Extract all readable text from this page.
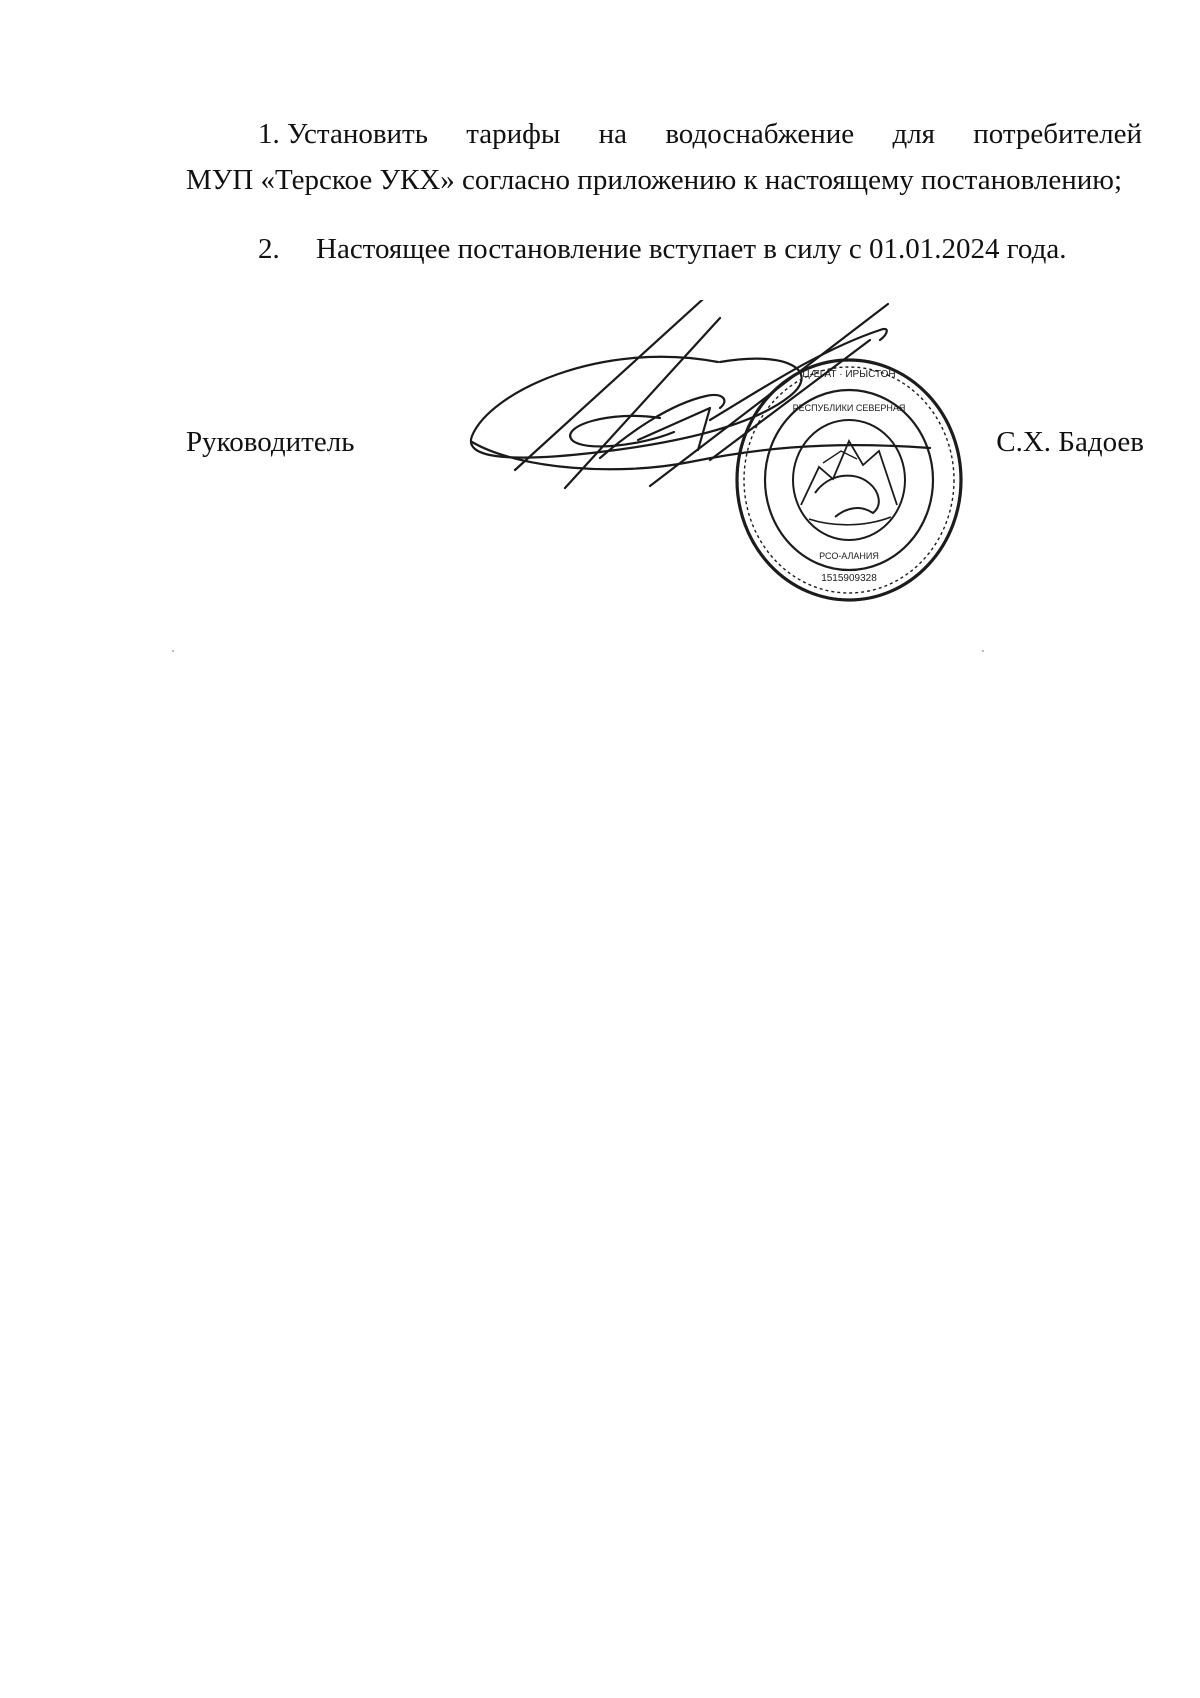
1. Установить тарифы на водоснабжение для потребителей
МУП «Терское УКХ» согласно приложению к настоящему постановлению;
2. Настоящее постановление вступает в силу с 01.01.2024 года.
Руководитель
ЦÆГАТ · ИРЫСТОН
РЕСПУБЛИКИ СЕВЕРНАЯ
РСО-АЛАНИЯ
1515909328
С.Х. Бадоев
